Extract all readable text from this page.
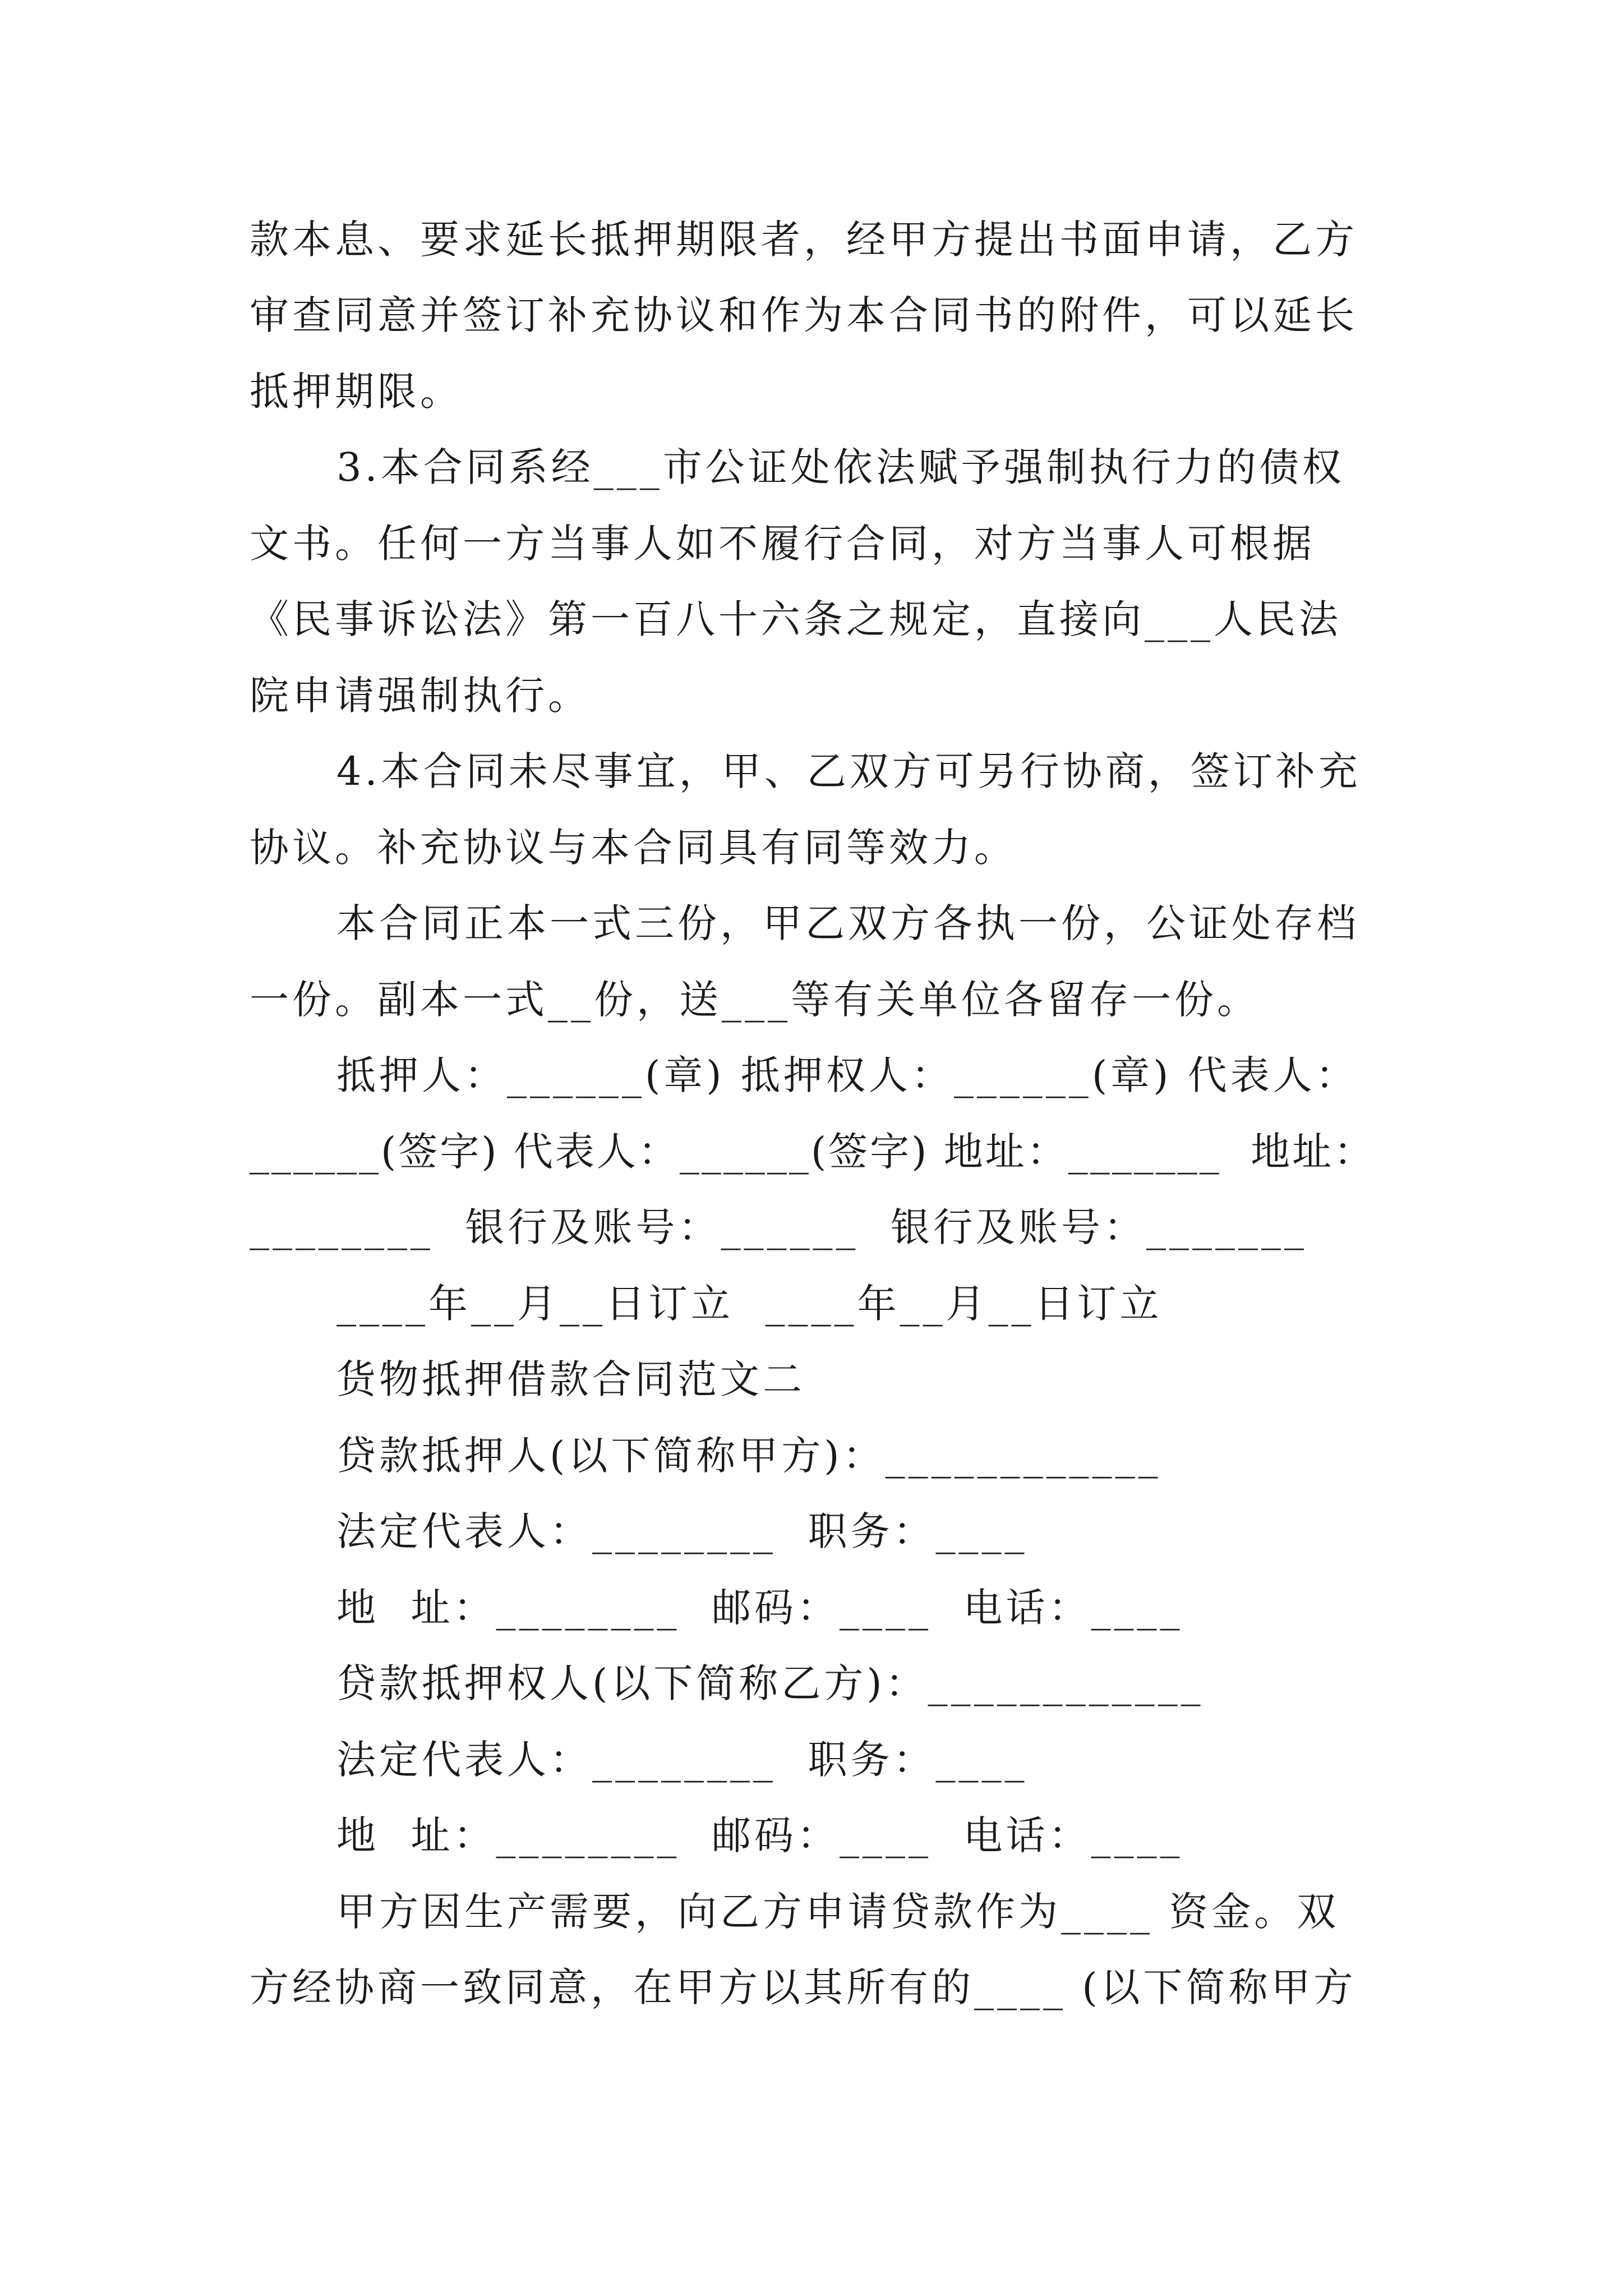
款本息、要求延长抵押期限者，经甲方提出书面申请，乙方
审查同意并签订补充协议和作为本合同书的附件，可以延长
抵押期限。
3.本合同系经___市公证处依法赋予强制执行力的债权
文书。任何一方当事人如不履行合同，对方当事人可根据
《民事诉讼法》第一百八十六条之规定，直接向___人民法
院申请强制执行。
4.本合同未尽事宜，甲、乙双方可另行协商，签订补充
协议。补充协议与本合同具有同等效力。
本合同正本一式三份，甲乙双方各执一份，公证处存档
一份。副本一式__份，送___等有关单位各留存一份。
抵押人：______(章) 抵押权人：______(章) 代表人：
______(签字) 代表人：______(签字) 地址：_______  地址：
________  银行及账号：______  银行及账号：_______
____年__月__日订立  ____年__月__日订立
货物抵押借款合同范文二
贷款抵押人(以下简称甲方)：____________
法定代表人：________  职务：____
地  址：________  邮码：____  电话：____
贷款抵押权人(以下简称乙方)：____________
法定代表人：________  职务：____
地  址：________  邮码：____  电话：____
甲方因生产需要，向乙方申请贷款作为____ 资金。双
方经协商一致同意，在甲方以其所有的____ (以下简称甲方
